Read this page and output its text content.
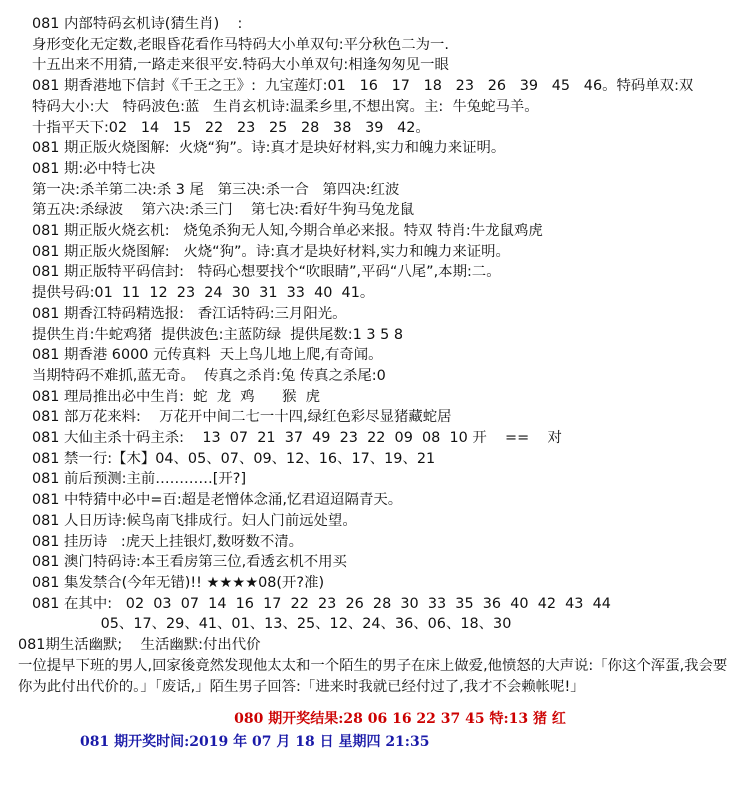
081 内部特码玄机诗(猜生肖)    :
身形变化无定数,老眼昏花看作马特码大小单双句:平分秋色二为一.
十五出来不用猜,一路走来很平安.特码大小单双句:相逢匆匆见一眼
081 期香港地下信封《千王之王》:  九宝莲灯:01   16   17   18   23   26   39   45   46。特码单双:双
特码大小:大   特码波色:蓝   生肖玄机诗:温柔乡里,不想出窝。主:  牛兔蛇马羊。
十指平天下:02   14   15   22   23   25   28   38   39   42。
081 期正版火烧图解:  火烧“狗”。诗:真才是块好材料,实力和魄力来证明。
081 期:必中特七决
第一决:杀羊第二决:杀 3 尾   第三决:杀一合   第四决:红波
第五决:杀绿波    第六决:杀三门    第七决:看好牛狗马兔龙鼠
081 期正版火烧玄机:   烧兔杀狗无人知,今期合单必来报。特双 特肖:牛龙鼠鸡虎
081 期正版火烧图解:   火烧“狗”。诗:真才是块好材料,实力和魄力来证明。
081 期正版特平码信封:   特码心想要找个“吹眼睛”,平码“八尾”,本期:二。
提供号码:01  11  12  23  24  30  31  33  40  41。
081 期香江特码精选报:   香江话特码:三月阳光。
提供生肖:牛蛇鸡猪  提供波色:主蓝防绿  提供尾数:1 3 5 8
081 期香港 6000 元传真料  天上鸟儿地上爬,有奇闻。
当期特码不难抓,蓝无奇。  传真之杀肖:兔 传真之杀尾:0
081 理局推出必中生肖:  蛇  龙  鸡      猴  虎
081 部万花来料:    万花开中间二七一十四,绿红色彩尽显猪藏蛇居
081 大仙主杀十码主杀:    13  07  21  37  49  23  22  09  08  10 开    ==    对
081 禁一行:【木】04、05、07、09、12、16、17、19、21
081 前后预测:主前…………[开?]
081 中特猜中必中=百:超是老憎体念涌,忆君迢迢隔青天。
081 人日历诗:候鸟南飞排成行。妇人门前远处望。
081 挂历诗   :虎天上挂银灯,数呀数不清。
081 澳门特码诗:本王看房第三位,看透玄机不用买
081 集发禁合(今年无错)!! ★★★★08(开?准)
081 在其中:   02  03  07  14  16  17  22  23  26  28  30  33  35  36  40  42  43  44
05、17、29、41、01、13、25、12、24、36、06、18、30
081期生活幽默;    生活幽默:付出代价
一位提早下班的男人,回家後竟然发现他太太和一个陌生的男子在床上做爱,他愤怒的大声说:「你这个浑蛋,我会要你为此付出代价的。」「废话,」陌生男子回答:「进来时我就已经付过了,我才不会赖帐呢!」
080 期开奖结果:28 06 16 22 37 45 特:13 猪 红
081 期开奖时间:2019 年 07 月 18 日 星期四 21:35
